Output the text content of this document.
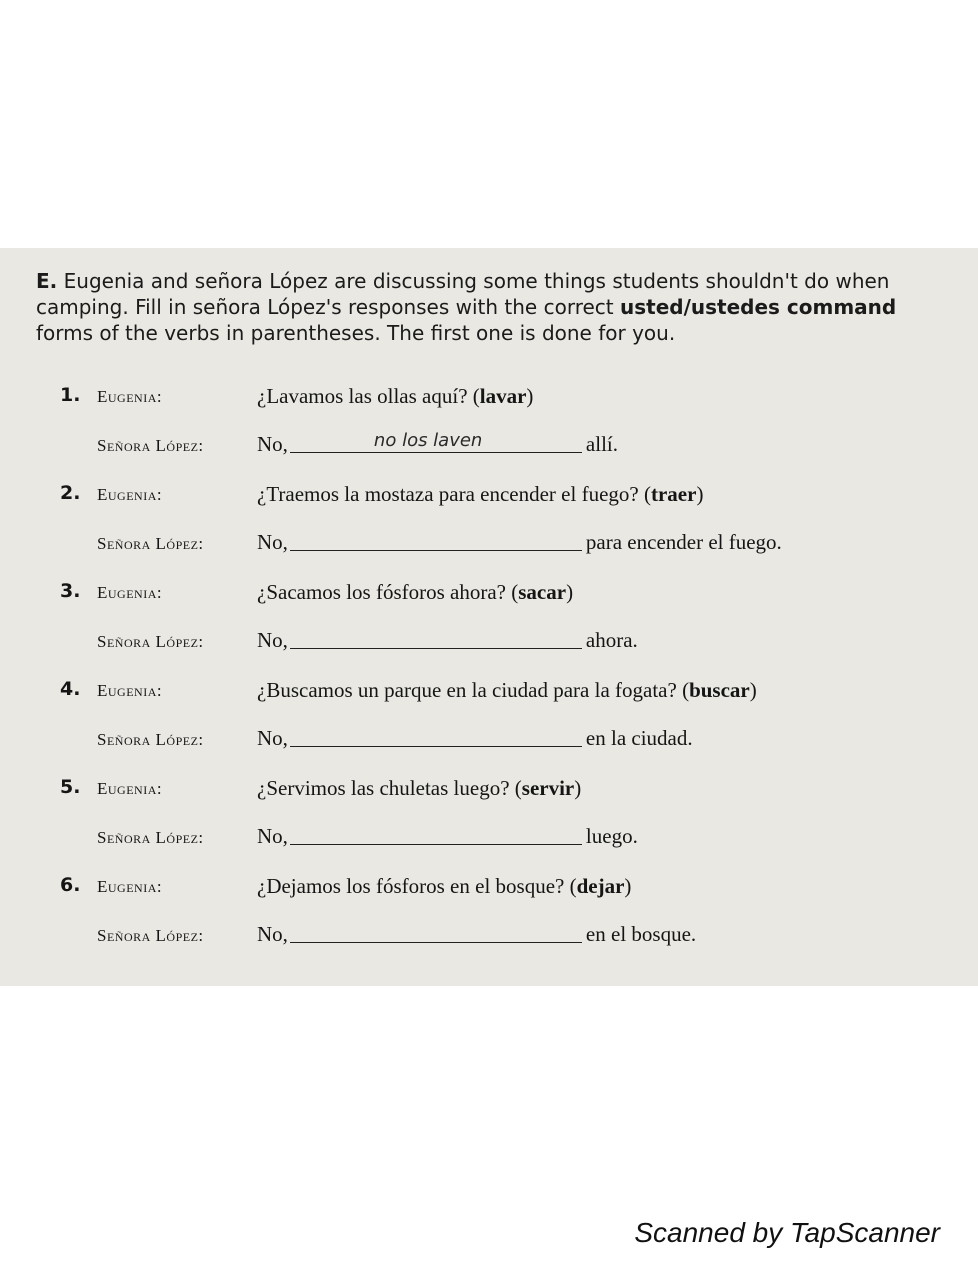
E. Eugenia and señora López are discussing some things students shouldn't do when camping. Fill in señora López's responses with the correct usted/ustedes command forms of the verbs in parentheses. The first one is done for you.
1. Eugenia:	¿Lavamos las ollas aquí? (lavar)
Señora López:	No,	no los laven	allí.
2. Eugenia:	¿Traemos la mostaza para encender el fuego? (traer)
Señora López:	No,	para encender el fuego.
3. Eugenia:	¿Sacamos los fósforos ahora? (sacar)
Señora López:	No,	ahora.
4. Eugenia:	¿Buscamos un parque en la ciudad para la fogata? (buscar)
Señora López:	No,	en la ciudad.
5. Eugenia:	¿Servimos las chuletas luego? (servir)
Señora López:	No,	luego.
6. Eugenia:	¿Dejamos los fósforos en el bosque? (dejar)
Señora López:	No,	en el bosque.
Scanned by TapScanner
